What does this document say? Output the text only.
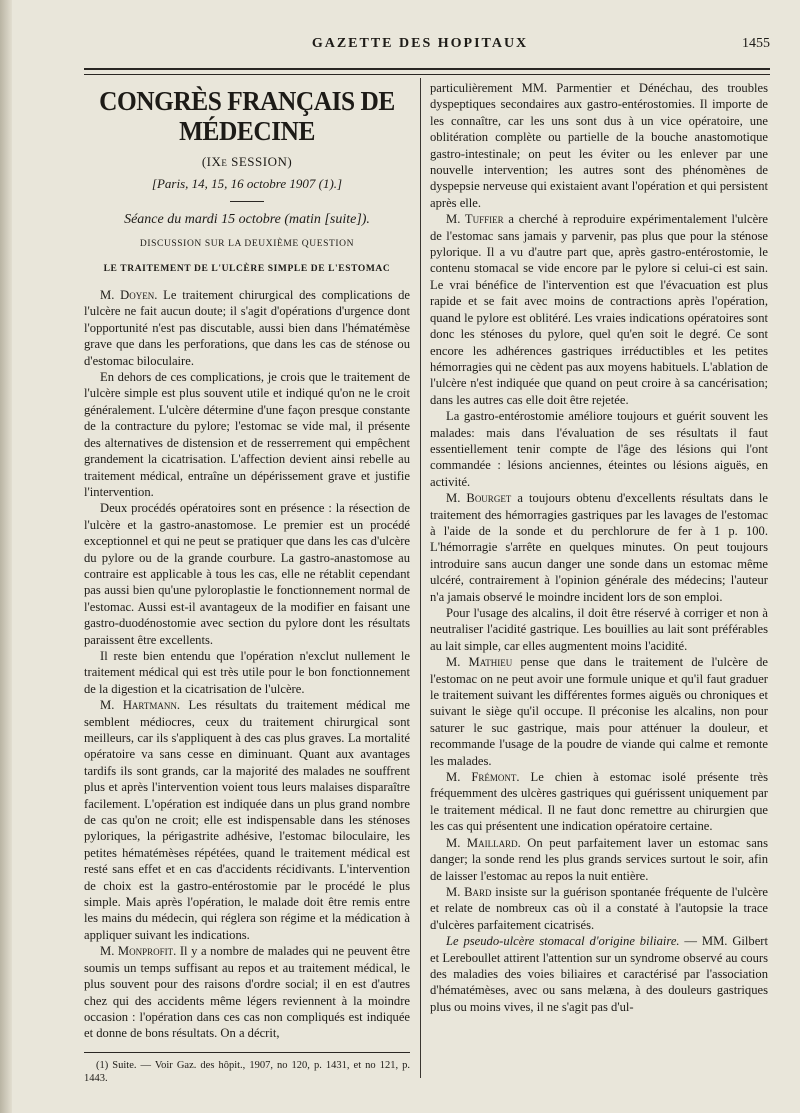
GAZETTE DES HOPITAUX	1455
CONGRÈS FRANÇAIS DE MÉDECINE
(IXe SESSION)
[Paris, 14, 15, 16 octobre 1907 (1).]
Séance du mardi 15 octobre (matin [suite]).
DISCUSSION SUR LA DEUXIÈME QUESTION
LE TRAITEMENT DE L'ULCÈRE SIMPLE DE L'ESTOMAC

M. Doyen. Le traitement chirurgical des complications de l'ulcère ne fait aucun doute; il s'agit d'opérations d'urgence dont l'opportunité n'est pas discutable, aussi bien dans l'hématémèse grave que dans les perforations, que dans les cas de sténose ou d'estomac biloculaire.

En dehors de ces complications, je crois que le traitement de l'ulcère simple est plus souvent utile et indiqué qu'on ne le croit généralement. L'ulcère détermine d'une façon presque constante de la contracture du pylore; l'estomac se vide mal, il présente des alternatives de distension et de resserrement qui empêchent grandement la cicatrisation. L'affection devient ainsi rebelle au traitement médical, entraîne un dépérissement grave et justifie l'intervention.

Deux procédés opératoires sont en présence : la résection de l'ulcère et la gastro-anastomose. Le premier est un procédé exceptionnel et qui ne peut se pratiquer que dans les cas d'ulcère du pylore ou de la grande courbure. La gastro-anastomose au contraire est applicable à tous les cas, elle ne rétablit cependant pas aussi bien qu'une pyloroplastie le fonctionnement normal de l'estomac. Aussi est-il avantageux de la modifier en faisant une gastro-duodénostomie avec section du pylore dont les résultats paraissent être excellents.

Il reste bien entendu que l'opération n'exclut nullement le traitement médical qui est très utile pour le bon fonctionnement de la digestion et la cicatrisation de l'ulcère.

M. Hartmann. Les résultats du traitement médical me semblent médiocres, ceux du traitement chirurgical sont meilleurs, car ils s'appliquent à des cas plus graves. La mortalité opératoire va sans cesse en diminuant. Quant aux avantages tardifs ils sont grands, car la majorité des malades ne souffrent plus et après l'intervention voient tous leurs malaises disparaître facilement. L'opération est indiquée dans un plus grand nombre de cas qu'on ne croit; elle est indispensable dans les sténoses pyloriques, la périgastrite adhésive, l'estomac biloculaire, les petites hématémèses répétées, quand le traitement médical est resté sans effet et en cas d'accidents récidivants. L'intervention de choix est la gastro-entérostomie par le procédé le plus simple. Mais après l'opération, le malade doit être remis entre les mains du médecin, qui réglera son régime et la médication à appliquer suivant les indications.

M. Monprofit. Il y a nombre de malades qui ne peuvent être soumis un temps suffisant au repos et au traitement médical, le plus souvent pour des raisons d'ordre social; il en est d'autres chez qui des accidents même légers reviennent à la moindre occasion : l'opération dans ces cas non compliqués est indiquée et donne de bons résultats. On a décrit,

(1) Suite. — Voir Gaz. des hôpit., 1907, no 120, p. 1431, et no 121, p. 1443.

particulièrement MM. Parmentier et Dénéchau, des troubles dyspeptiques secondaires aux gastro-entérostomies. Il importe de les connaître, car les uns sont dus à un vice opératoire, une oblitération complète ou partielle de la bouche anastomotique gastro-intestinale; on peut les éviter ou les enlever par une nouvelle intervention; les autres sont des phénomènes de dyspepsie nerveuse qui existaient avant l'opération et qui persistent après elle.

M. Tuffier a cherché à reproduire expérimentalement l'ulcère de l'estomac sans jamais y parvenir, pas plus que pour la sténose pylorique. Il a vu d'autre part que, après gastro-entérostomie, le contenu stomacal se vide encore par le pylore si celui-ci est sain. Le vrai bénéfice de l'intervention est que l'évacuation est plus rapide et se fait avec moins de contractions après l'opération, quand le pylore est oblitéré. Les vraies indications opératoires sont donc les sténoses du pylore, quel qu'en soit le degré. Ce sont encore les adhérences gastriques irréductibles et les petites hémorragies qui ne cèdent pas aux moyens habituels. L'ablation de l'ulcère n'est indiquée que quand on peut croire à sa cancérisation; dans les autres cas elle doit être rejetée.

La gastro-entérostomie améliore toujours et guérit souvent les malades: mais dans l'évaluation de ses résultats il faut essentiellement tenir compte de l'âge des lésions qui l'ont commandée : lésions anciennes, éteintes ou lésions aiguës, en activité.

M. Bourget a toujours obtenu d'excellents résultats dans le traitement des hémorragies gastriques par les lavages de l'estomac à l'aide de la sonde et du perchlorure de fer à 1 p. 100. L'hémorragie s'arrête en quelques minutes. On peut toujours introduire sans aucun danger une sonde dans un estomac même ulcéré, contrairement à l'opinion générale des médecins; l'auteur n'a jamais observé le moindre incident lors de son emploi.

Pour l'usage des alcalins, il doit être réservé à corriger et non à neutraliser l'acidité gastrique. Les bouillies au lait sont préférables au lait simple, car elles augmentent moins l'acidité.

M. Mathieu pense que dans le traitement de l'ulcère de l'estomac on ne peut avoir une formule unique et qu'il faut graduer le traitement suivant les différentes formes aiguës ou chroniques et suivant le siège qu'il occupe. Il préconise les alcalins, non pour saturer le suc gastrique, mais pour atténuer la douleur, et recommande l'usage de la poudre de viande qui calme et remonte les malades.

M. Frémont. Le chien à estomac isolé présente très fréquemment des ulcères gastriques qui guérissent uniquement par le traitement médical. Il ne faut donc remettre au chirurgien que les cas qui présentent une indication opératoire certaine.

M. Maillard. On peut parfaitement laver un estomac sans danger; la sonde rend les plus grands services surtout le soir, afin de laisser l'estomac au repos la nuit entière.

M. Bard insiste sur la guérison spontanée fréquente de l'ulcère et relate de nombreux cas où il a constaté à l'autopsie la trace d'ulcères parfaitement cicatrisés.

Le pseudo-ulcère stomacal d'origine biliaire. — MM. Gilbert et Lereboullet attirent l'attention sur un syndrome observé au cours des maladies des voies biliaires et caractérisé par l'association d'hématémèses, avec ou sans melæna, à des douleurs gastriques plus ou moins vives, il ne s'agit pas d'ul-
